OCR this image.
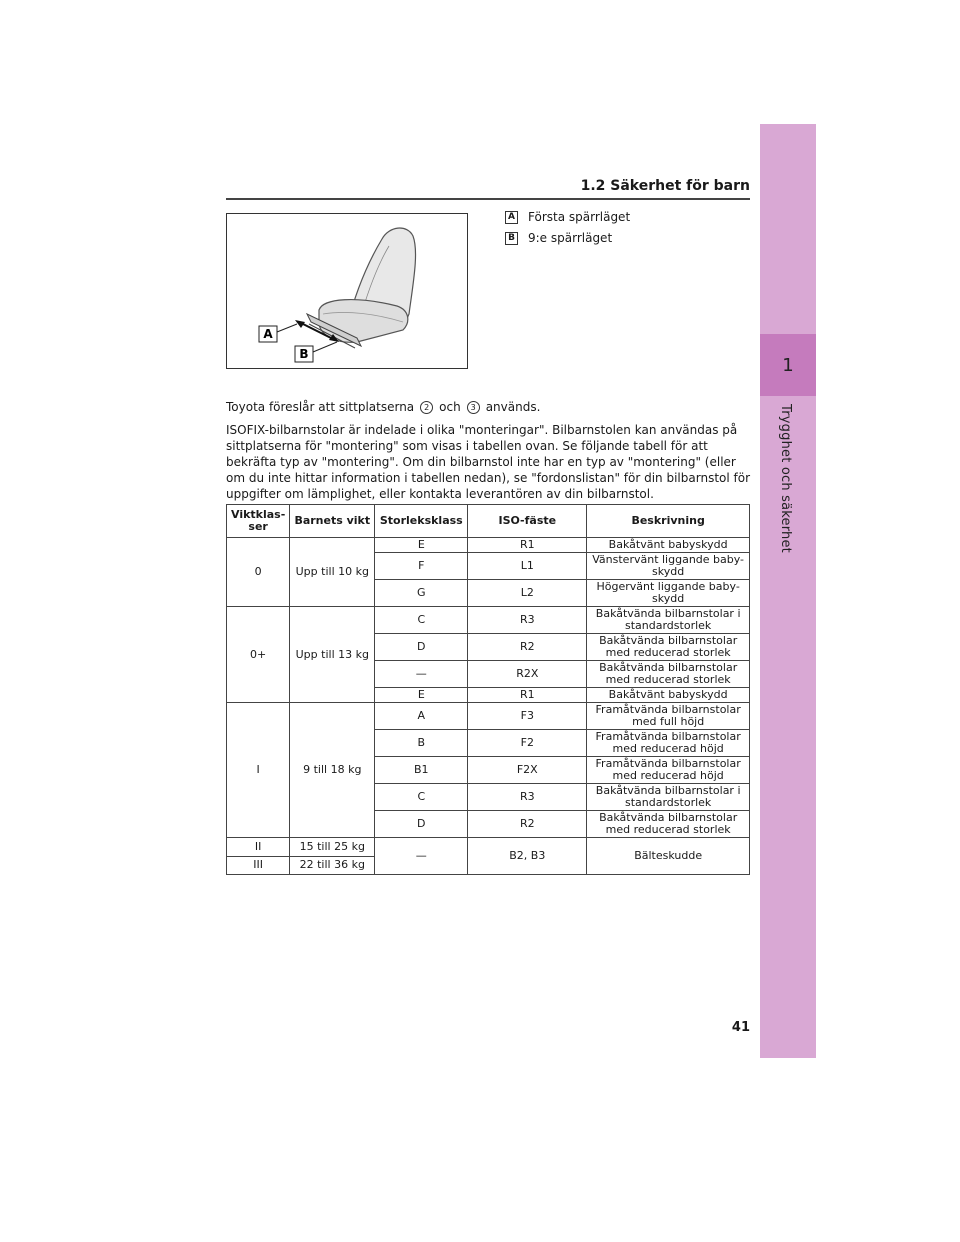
1
Trygghet och säkerhet
1.2 Säkerhet för barn
A
B
A Första spärrläget
B 9:e spärrläget
Toyota föreslår att sittplatserna 2 och 3 används.
ISOFIX-bilbarnstolar är indelade i olika "monteringar". Bilbarnstolen kan användas på sittplatserna för "montering" som visas i tabellen ovan. Se följande tabell för att bekräfta typ av "montering". Om din bilbarnstol inte har en typ av "montering" (eller om du inte hittar information i tabellen nedan), se "fordonslistan" för din bilbarnstol för uppgifter om lämplighet, eller kontakta leverantören av din bilbarnstol.
Viktklas-ser	Barnets vikt	Storleksklass	ISO-fäste	Beskrivning
0	Upp till 10 kg	E	R1	Bakåtvänt babyskydd
		F	L1	Vänstervänt liggande baby-skydd
		G	L2	Högervänt liggande baby-skydd
0+	Upp till 13 kg	C	R3	Bakåtvända bilbarnstolar i standardstorlek
		D	R2	Bakåtvända bilbarnstolar med reducerad storlek
		—	R2X	Bakåtvända bilbarnstolar med reducerad storlek
		E	R1	Bakåtvänt babyskydd
I	9 till 18 kg	A	F3	Framåtvända bilbarnstolar med full höjd
		B	F2	Framåtvända bilbarnstolar med reducerad höjd
		B1	F2X	Framåtvända bilbarnstolar med reducerad höjd
		C	R3	Bakåtvända bilbarnstolar i standardstorlek
		D	R2	Bakåtvända bilbarnstolar med reducerad storlek
II	15 till 25 kg	—	B2, B3	Bälteskudde
III	22 till 36 kg			
41
